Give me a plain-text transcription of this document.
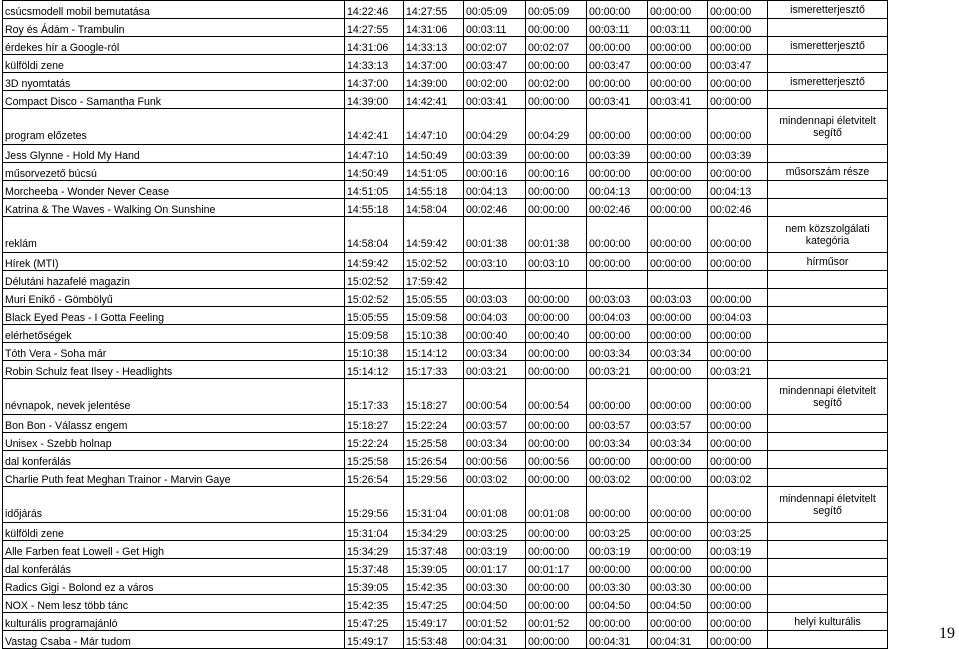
csúcsmodell mobil bemutatása	14:22:46	14:27:55	00:05:09	00:05:09	00:00:00	00:00:00	00:00:00	ismeretterjesztő
Roy és Ádám - Trambulin	14:27:55	14:31:06	00:03:11	00:00:00	00:03:11	00:03:11	00:00:00	
érdekes hír a Google-ról	14:31:06	14:33:13	00:02:07	00:02:07	00:00:00	00:00:00	00:00:00	ismeretterjesztő
külföldi zene	14:33:13	14:37:00	00:03:47	00:00:00	00:03:47	00:00:00	00:03:47	
3D nyomtatás	14:37:00	14:39:00	00:02:00	00:02:00	00:00:00	00:00:00	00:00:00	ismeretterjesztő
Compact Disco - Samantha Funk	14:39:00	14:42:41	00:03:41	00:00:00	00:03:41	00:03:41	00:00:00	
program előzetes	14:42:41	14:47:10	00:04:29	00:04:29	00:00:00	00:00:00	00:00:00	mindennapi életvitelt segítő
Jess Glynne - Hold My Hand	14:47:10	14:50:49	00:03:39	00:00:00	00:03:39	00:00:00	00:03:39	
műsorvezető búcsú	14:50:49	14:51:05	00:00:16	00:00:16	00:00:00	00:00:00	00:00:00	műsorszám része
Morcheeba - Wonder Never Cease	14:51:05	14:55:18	00:04:13	00:00:00	00:04:13	00:00:00	00:04:13	
Katrina & The Waves - Walking On Sunshine	14:55:18	14:58:04	00:02:46	00:00:00	00:02:46	00:00:00	00:02:46	
reklám	14:58:04	14:59:42	00:01:38	00:01:38	00:00:00	00:00:00	00:00:00	nem közszolgálati kategória
Hírek (MTI)	14:59:42	15:02:52	00:03:10	00:03:10	00:00:00	00:00:00	00:00:00	hírműsor
Délutáni hazafelé magazin	15:02:52	17:59:42						
Muri Enikő - Gömbölyű	15:02:52	15:05:55	00:03:03	00:00:00	00:03:03	00:03:03	00:00:00	
Black Eyed Peas - I Gotta Feeling	15:05:55	15:09:58	00:04:03	00:00:00	00:04:03	00:00:00	00:04:03	
elérhetőségek	15:09:58	15:10:38	00:00:40	00:00:40	00:00:00	00:00:00	00:00:00	
Tóth Vera - Soha már	15:10:38	15:14:12	00:03:34	00:00:00	00:03:34	00:03:34	00:00:00	
Robin Schulz feat Ilsey - Headlights	15:14:12	15:17:33	00:03:21	00:00:00	00:03:21	00:00:00	00:03:21	
névnapok, nevek jelentése	15:17:33	15:18:27	00:00:54	00:00:54	00:00:00	00:00:00	00:00:00	mindennapi életvitelt segítő
Bon Bon - Válassz engem	15:18:27	15:22:24	00:03:57	00:00:00	00:03:57	00:03:57	00:00:00	
Unisex - Szebb holnap	15:22:24	15:25:58	00:03:34	00:00:00	00:03:34	00:03:34	00:00:00	
dal konferálás	15:25:58	15:26:54	00:00:56	00:00:56	00:00:00	00:00:00	00:00:00	
Charlie Puth feat Meghan Trainor - Marvin Gaye	15:26:54	15:29:56	00:03:02	00:00:00	00:03:02	00:00:00	00:03:02	
időjárás	15:29:56	15:31:04	00:01:08	00:01:08	00:00:00	00:00:00	00:00:00	mindennapi életvitelt segítő
külföldi zene	15:31:04	15:34:29	00:03:25	00:00:00	00:03:25	00:00:00	00:03:25	
Alle Farben feat Lowell - Get High	15:34:29	15:37:48	00:03:19	00:00:00	00:03:19	00:00:00	00:03:19	
dal konferálás	15:37:48	15:39:05	00:01:17	00:01:17	00:00:00	00:00:00	00:00:00	
Radics Gigi - Bolond ez a város	15:39:05	15:42:35	00:03:30	00:00:00	00:03:30	00:03:30	00:00:00	
NOX - Nem lesz több tánc	15:42:35	15:47:25	00:04:50	00:00:00	00:04:50	00:04:50	00:00:00	
kulturális programajánló	15:47:25	15:49:17	00:01:52	00:01:52	00:00:00	00:00:00	00:00:00	helyi kulturális
Vastag Csaba - Már tudom	15:49:17	15:53:48	00:04:31	00:00:00	00:04:31	00:04:31	00:00:00		19
